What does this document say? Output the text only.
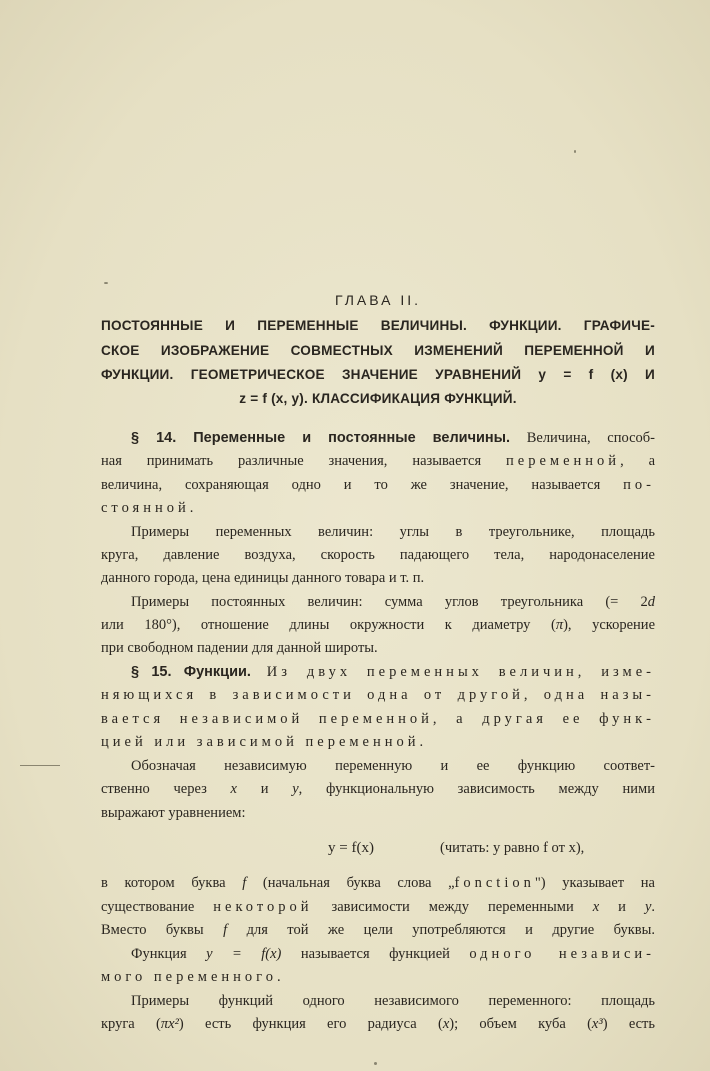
ГЛАВА II.
ПОСТОЯННЫЕ И ПЕРЕМЕННЫЕ ВЕЛИЧИНЫ. ФУНКЦИИ. ГРАФИЧЕ-
СКОЕ ИЗОБРАЖЕНИЕ СОВМЕСТНЫХ ИЗМЕНЕНИЙ ПЕРЕМЕННОЙ И
ФУНКЦИИ. ГЕОМЕТРИЧЕСКОЕ ЗНАЧЕНИЕ УРАВНЕНИЙ y = f (x) И
z = f (x, y). КЛАССИФИКАЦИЯ ФУНКЦИЙ.
§ 14. Переменные и постоянные величины. Величина, способ-
ная принимать различные значения, называется переменной, а
величина, сохраняющая одно и то же значение, называется по-
стоянной.
Примеры переменных величин: углы в треугольнике, площадь
круга, давление воздуха, скорость падающего тела, народонаселение
данного города, цена единицы данного товара и т. п.
Примеры постоянных величин: сумма углов треугольника (= 2d
или 180°), отношение длины окружности к диаметру (π), ускорение
при свободном падении для данной широты.
§ 15. Функции. Из двух переменных величин, изме-
няющихся в зависимости одна от другой, одна назы-
вается независимой переменной, а другая ее функ-
цией или зависимой переменной.
Обозначая независимую переменную и ее функцию соответ-
ственно через x и y, функциональную зависимость между ними
выражают уравнением:
y = f(x)	(читать: y равно f от x),
в котором буква f (начальная буква слова „fonction") указывает на
существование некоторой зависимости между переменными x и y.
Вместо буквы f для той же цели употребляются и другие буквы.
Функция y = f(x) называется функцией одного независи-
мого переменного.
Примеры функций одного независимого переменного: площадь
круга (πx²) есть функция его радиуса (x); объем куба (x³) есть
